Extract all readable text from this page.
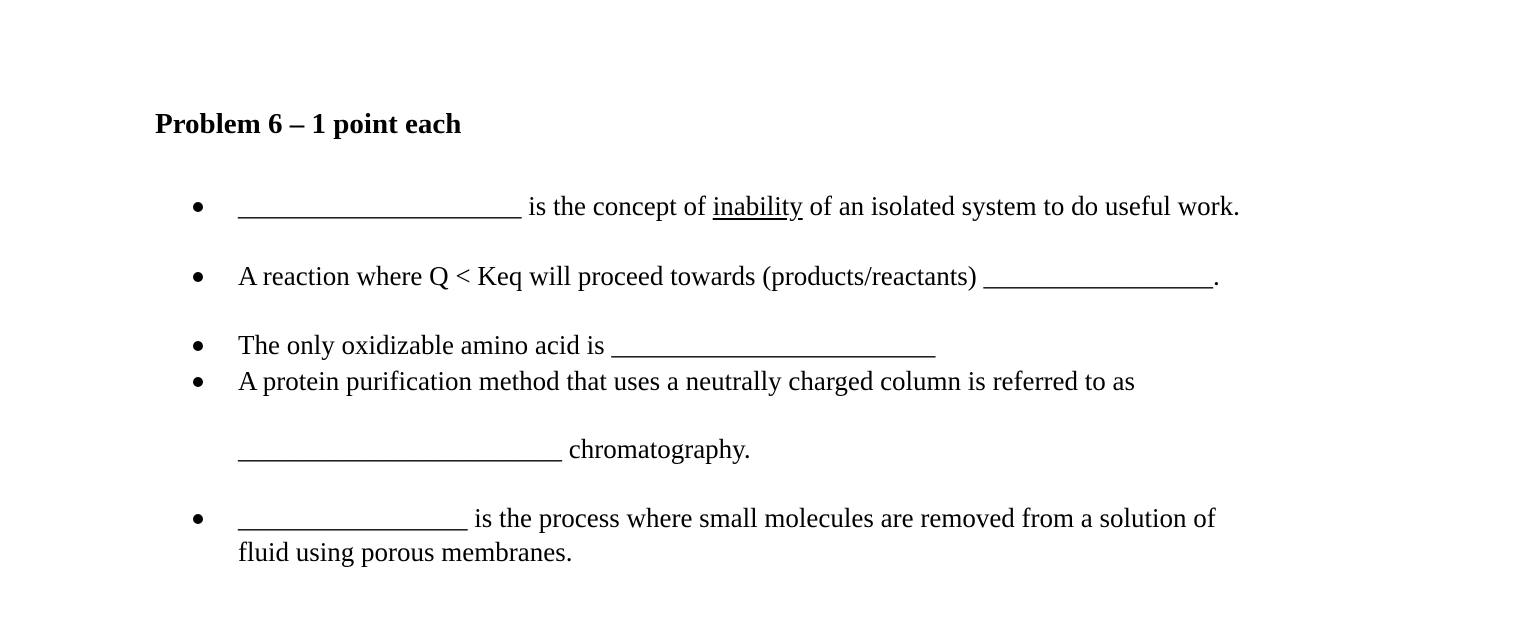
Problem 6 – 1 point each
_____________________ is the concept of inability of an isolated system to do useful work.
A reaction where Q < Keq will proceed towards (products/reactants) _________________.
The only oxidizable amino acid is ________________________
A protein purification method that uses a neutrally charged column is referred to as
________________________ chromatography.
_________________ is the process where small molecules are removed from a solution of
fluid using porous membranes.
